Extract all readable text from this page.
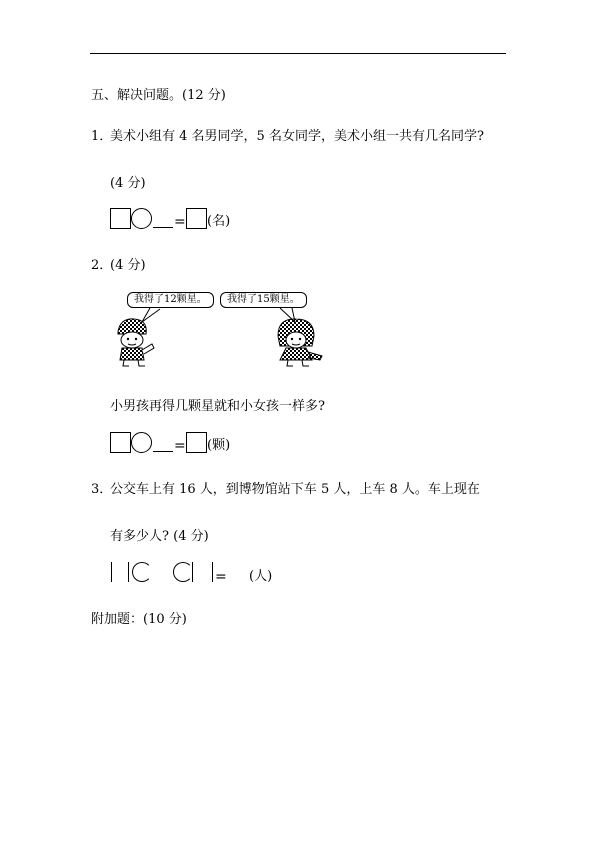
五、解决问题。(12 分)
1．
美术小组有 4 名男同学，5 名女同学，美术小组一共有几名同学?
(4 分)
= (名)
2．
(4 分)
我得了12颗星。	我得了15颗星。
小男孩再得几颗星就和小女孩一样多?
= (颗)
3．
公交车上有 16 人，到博物馆站下车 5 人，上车 8 人。车上现在
有多少人? (4 分)
= (人)
附加题：(10 分)
